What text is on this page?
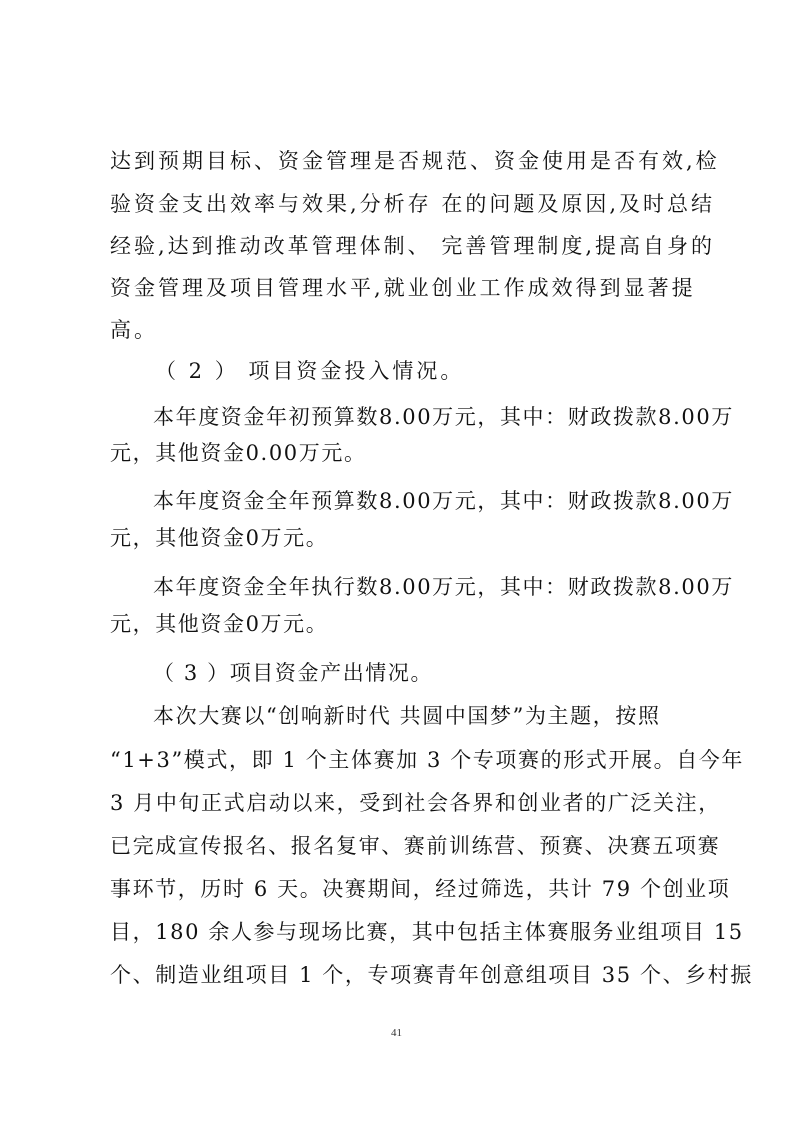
达到预期目标、资金管理是否规范、资金使用是否有效,检
验资金支出效率与效果,分析存 在的问题及原因,及时总结
经验,达到推动改革管理体制、 完善管理制度,提高自身的
资金管理及项目管理水平,就业创业工作成效得到显著提
高。
（ 2 ） 项目资金投入情况。
本年度资金年初预算数8.00万元，其中：财政拨款8.00万
元，其他资金0.00万元。
本年度资金全年预算数8.00万元，其中：财政拨款8.00万
元，其他资金0万元。
本年度资金全年执行数8.00万元，其中：财政拨款8.00万
元，其他资金0万元。
（ 3 ）项目资金产出情况。
本次大赛以“创响新时代 共圆中国梦”为主题，按照
“1+3”模式，即 1 个主体赛加 3 个专项赛的形式开展。自今年
3 月中旬正式启动以来，受到社会各界和创业者的广泛关注，
已完成宣传报名、报名复审、赛前训练营、预赛、决赛五项赛
事环节，历时 6 天。决赛期间，经过筛选，共计 79 个创业项
目，180 余人参与现场比赛，其中包括主体赛服务业组项目 15
个、制造业组项目 1 个，专项赛青年创意组项目 35 个、乡村振
41
